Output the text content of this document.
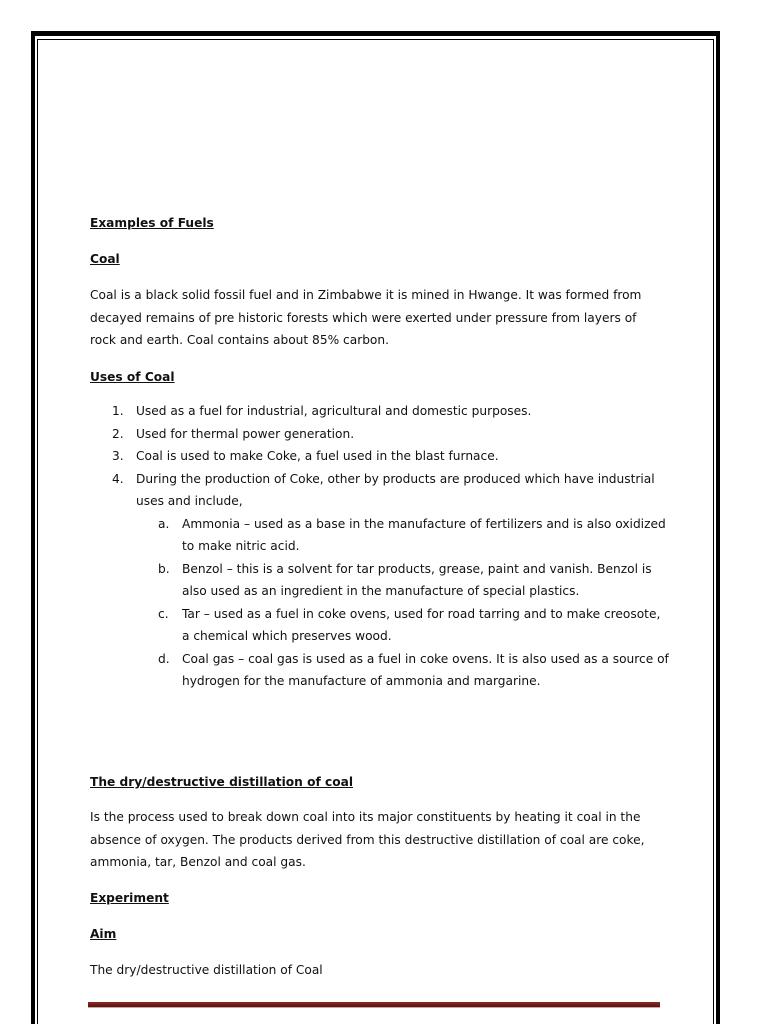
Examples of Fuels

Coal

Coal is a black solid fossil fuel and in Zimbabwe it is mined in Hwange. It was formed from decayed remains of pre historic forests which were exerted under pressure from layers of rock and earth. Coal contains about 85% carbon.

Uses of Coal

1. Used as a fuel for industrial, agricultural and domestic purposes.
2. Used for thermal power generation.
3. Coal is used to make Coke, a fuel used in the blast furnace.
4. During the production of Coke, other by products are produced which have industrial uses and include,
a. Ammonia – used as a base in the manufacture of fertilizers and is also oxidized to make nitric acid.
b. Benzol – this is a solvent for tar products, grease, paint and vanish. Benzol is also used as an ingredient in the manufacture of special plastics.
c. Tar – used as a fuel in coke ovens, used for road tarring and to make creosote, a chemical which preserves wood.
d. Coal gas – coal gas is used as a fuel in coke ovens. It is also used as a source of hydrogen for the manufacture of ammonia and margarine.

The dry/destructive distillation of coal

Is the process used to break down coal into its major constituents by heating it coal in the absence of oxygen. The products derived from this destructive distillation of coal are coke, ammonia, tar, Benzol and coal gas.

Experiment

Aim

The dry/destructive distillation of Coal
